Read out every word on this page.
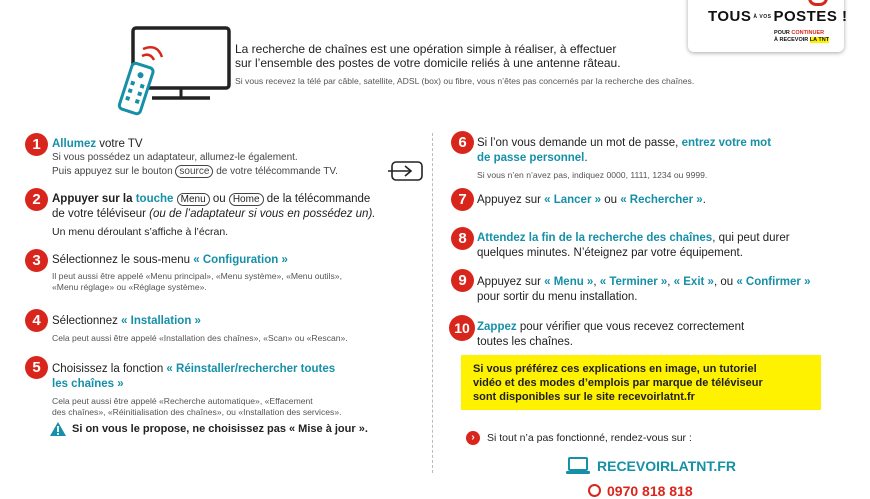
TOUS À VOS POSTES !
POUR CONTINUER
À RECEVOIR LA TNT
La recherche de chaînes est une opération simple à réaliser, à effectuer
sur l’ensemble des postes de votre domicile reliés à une antenne râteau.
Si vous recevez la télé par câble, satellite, ADSL (box) ou fibre, vous n’êtes pas concernés par la recherche des chaînes.
1 Allumez votre TV
Si vous possédez un adaptateur, allumez-le également.
Puis appuyez sur le bouton source de votre télécommande TV.
2 Appuyer sur la touche Menu ou Home de la télécommande
de votre téléviseur (ou de l’adaptateur si vous en possédez un).
Un menu déroulant s’affiche à l’écran.
3 Sélectionnez le sous-menu « Configuration »
Il peut aussi être appelé «Menu principal», «Menu système», «Menu outils»,
«Menu réglage» ou «Réglage système».
4 Sélectionnez « Installation »
Cela peut aussi être appelé «Installation des chaînes», «Scan» ou «Rescan».
5 Choisissez la fonction « Réinstaller/rechercher toutes
les chaînes »
Cela peut aussi être appelé «Recherche automatique», «Effacement
des chaînes», «Réinitialisation des chaînes», ou «Installation des services».
Si on vous le propose, ne choisissez pas « Mise à jour ».
6 Si l’on vous demande un mot de passe, entrez votre mot
de passe personnel.
Si vous n’en n’avez pas, indiquez 0000, 1111, 1234 ou 9999.
7 Appuyez sur « Lancer » ou « Rechercher ».
8 Attendez la fin de la recherche des chaînes, qui peut durer
quelques minutes. N’éteignez par votre équipement.
9 Appuyez sur « Menu », « Terminer », « Exit », ou « Confirmer »
pour sortir du menu installation.
10 Zappez pour vérifier que vous recevez correctement
toutes les chaînes.
Si vous préférez ces explications en image, un tutoriel
vidéo et des modes d’emplois par marque de téléviseur
sont disponibles sur le site recevoirlatnt.fr
›	Si tout n’a pas fonctionné, rendez-vous sur :
RECEVOIRLATNT.FR
0970 818 818
